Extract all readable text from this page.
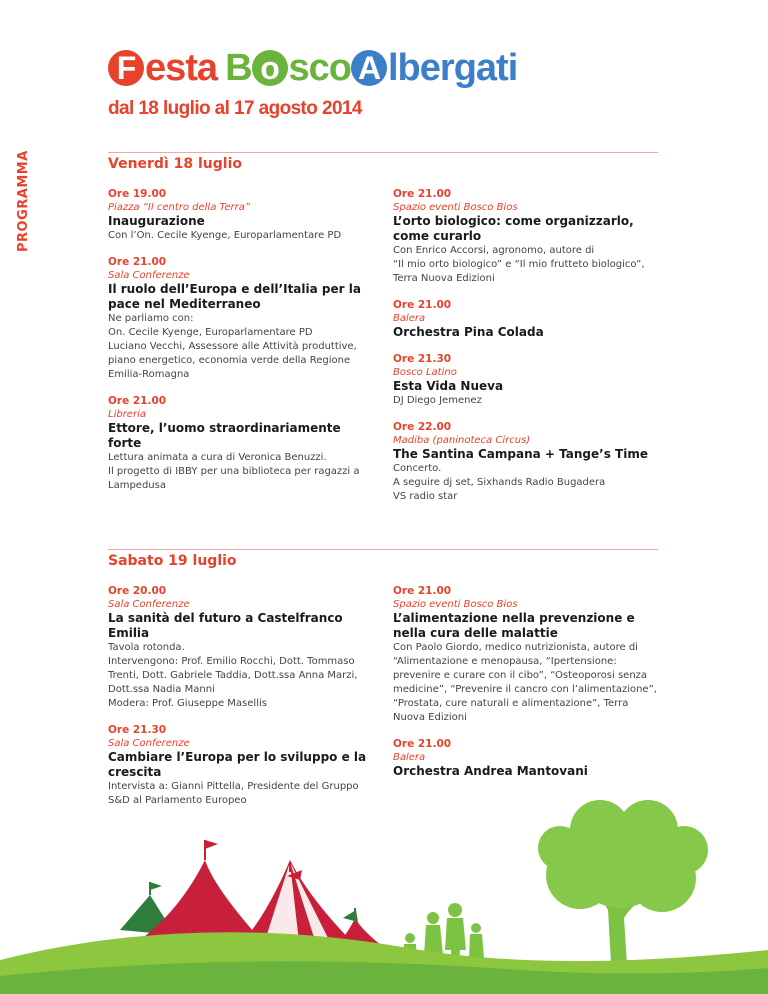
PROGRAMMA
F e sta B o sco A lbergati
dal 18 luglio al 17 agosto 2014
Venerdì 18 luglio
Ore 19.00
Piazza “Il centro della Terra”
Inaugurazione
Con l’On. Cecile Kyenge, Europarlamentare PD
Ore 21.00
Sala Conferenze
Il ruolo dell’Europa e dell’Italia per la pace nel Mediterraneo
Ne parliamo con:
On. Cecile Kyenge, Europarlamentare PD
Luciano Vecchi, Assessore alle Attività produttive, piano energetico, economia verde della Regione Emilia-Romagna
Ore 21.00
Libreria
Ettore, l’uomo straordinariamente forte
Lettura animata a cura di Veronica Benuzzi.
Il progetto di IBBY per una biblioteca per ragazzi a Lampedusa
Ore 21.00
Spazio eventi Bosco Bios
L’orto biologico: come organizzarlo, come curarlo
Con Enrico Accorsi, agronomo, autore di
“Il mio orto biologico” e “Il mio frutteto biologico”, Terra Nuova Edizioni
Ore 21.00
Balera
Orchestra Pina Colada
Ore 21.30
Bosco Latino
Esta Vida Nueva
DJ Diego Jemenez
Ore 22.00
Madiba (paninoteca Circus)
The Santina Campana + Tange’s Time
Concerto.
A seguire dj set, Sixhands Radio Bugadera
VS radio star
Sabato 19 luglio
Ore 20.00
Sala Conferenze
La sanità del futuro a Castelfranco Emilia
Tavola rotonda.
Intervengono: Prof. Emilio Rocchi, Dott. Tommaso Trenti, Dott. Gabriele Taddia, Dott.ssa Anna Marzi, Dott.ssa Nadia Manni
Modera: Prof. Giuseppe Masellis
Ore 21.30
Sala Conferenze
Cambiare l’Europa per lo sviluppo e la crescita
Intervista a: Gianni Pittella, Presidente del Gruppo S&D al Parlamento Europeo
Ore 21.00
Spazio eventi Bosco Bios
L’alimentazione nella prevenzione e nella cura delle malattie
Con Paolo Giordo, medico nutrizionista, autore di “Alimentazione e menopausa, “Ipertensione: prevenire e curare con il cibo”, “Osteoporosi senza medicine”, “Prevenire il cancro con l’alimentazione”, “Prostata, cure naturali e alimentazione”, Terra Nuova Edizioni
Ore 21.00
Balera
Orchestra Andrea Mantovani
